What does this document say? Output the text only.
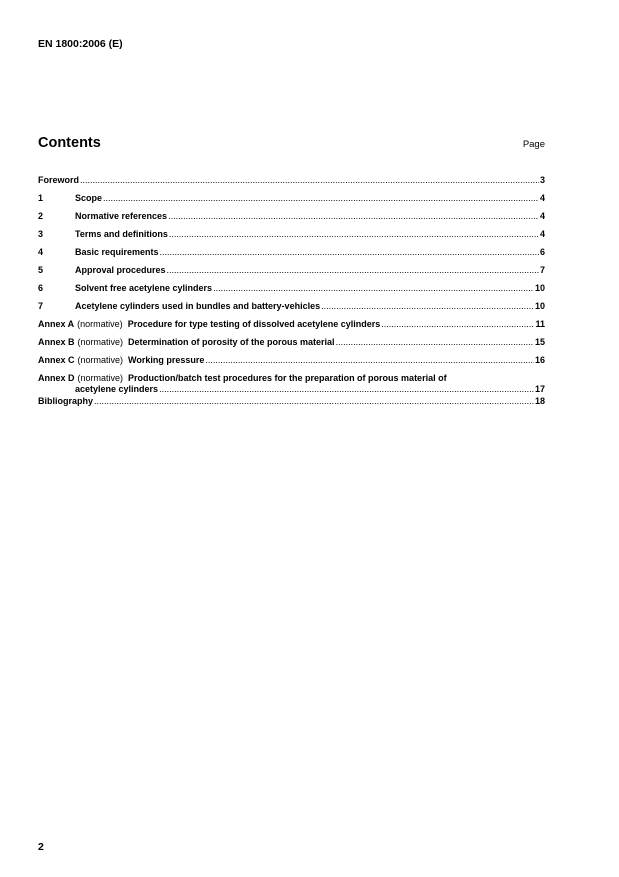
EN 1800:2006 (E)
Contents	Page
Foreword .....	3
1	Scope .....	4
2	Normative references .....	4
3	Terms and definitions .....	4
4	Basic requirements .....	6
5	Approval procedures .....	7
6	Solvent free acetylene cylinders .....	10
7	Acetylene cylinders used in bundles and battery-vehicles .....	10
Annex A (normative) Procedure for type testing of dissolved acetylene cylinders .....	11
Annex B (normative) Determination of porosity of the porous material .....	15
Annex C (normative) Working pressure .....	16
Annex D (normative) Production/batch test procedures for the preparation of porous material of
acetylene cylinders .....	17
Bibliography .....	18
2
